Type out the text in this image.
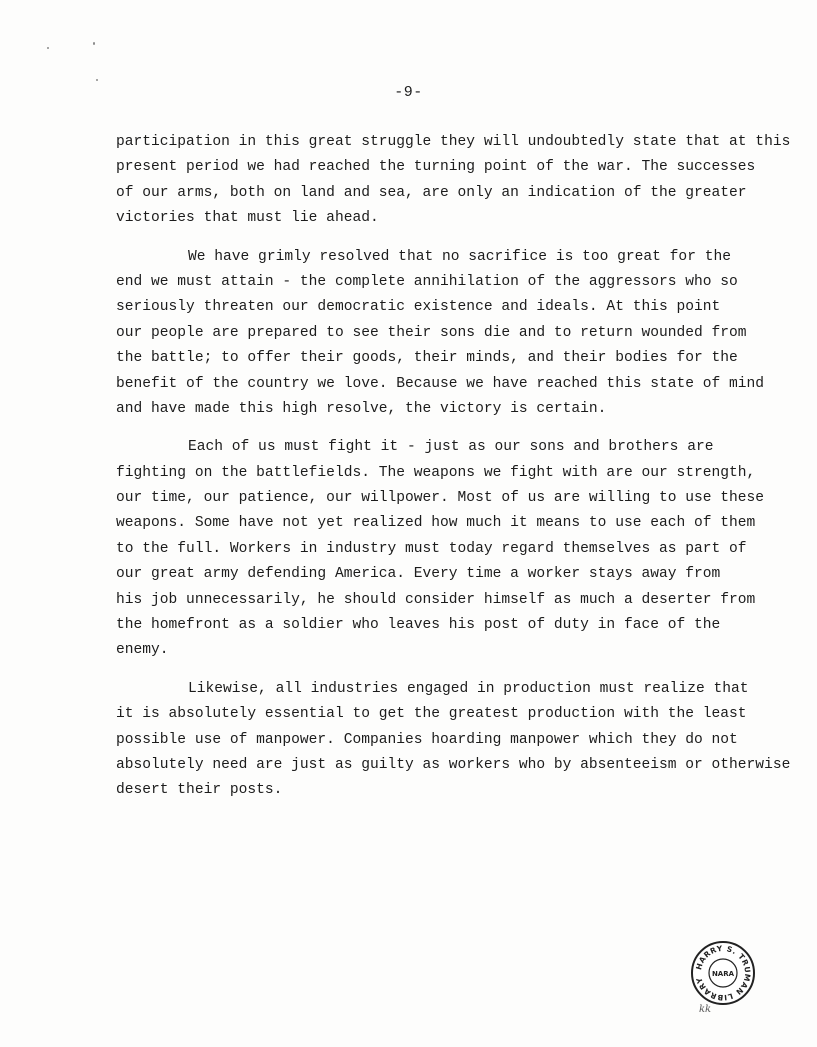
-9-
participation in this great struggle they will undoubtedly state that at this
present period we had reached the turning point of the war. The successes
of our arms, both on land and sea, are only an indication of the greater
victories that must lie ahead.
We have grimly resolved that no sacrifice is too great for the
end we must attain - the complete annihilation of the aggressors who so
seriously threaten our democratic existence and ideals. At this point
our people are prepared to see their sons die and to return wounded from
the battle; to offer their goods, their minds, and their bodies for the
benefit of the country we love. Because we have reached this state of mind
and have made this high resolve, the victory is certain.
Each of us must fight it - just as our sons and brothers are
fighting on the battlefields. The weapons we fight with are our strength,
our time, our patience, our willpower. Most of us are willing to use these
weapons. Some have not yet realized how much it means to use each of them
to the full. Workers in industry must today regard themselves as part of
our great army defending America. Every time a worker stays away from
his job unnecessarily, he should consider himself as much a deserter from
the homefront as a soldier who leaves his post of duty in face of the
enemy.
Likewise, all industries engaged in production must realize that
it is absolutely essential to get the greatest production with the least
possible use of manpower. Companies hoarding manpower which they do not
absolutely need are just as guilty as workers who by absenteeism or otherwise
desert their posts.
HARRY S. TRUMAN LIBRARY
NARA
kk
